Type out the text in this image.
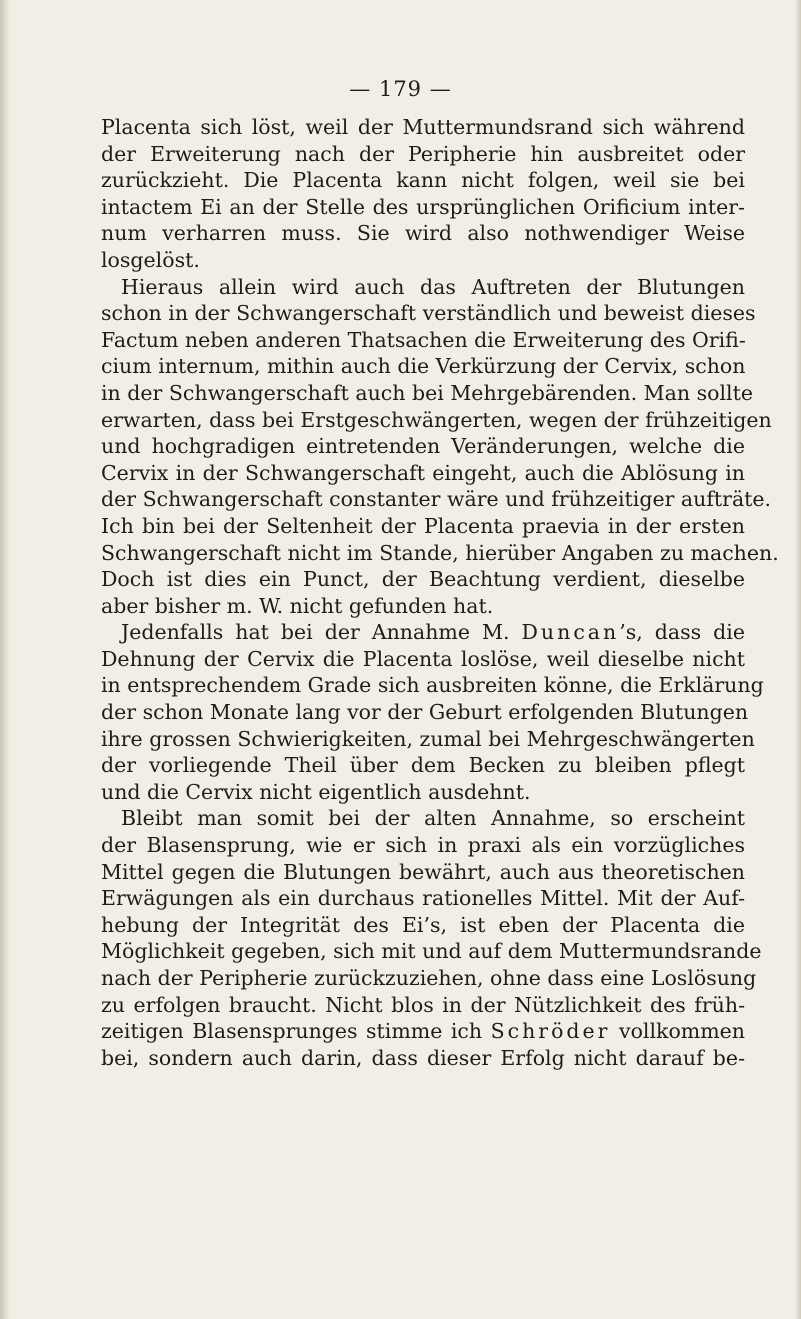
— 179 —
Placenta sich löst, weil der Muttermundsrand sich während
der Erweiterung nach der Peripherie hin ausbreitet oder
zurückzieht. Die Placenta kann nicht folgen, weil sie bei
intactem Ei an der Stelle des ursprünglichen Orificium inter-
num verharren muss. Sie wird also nothwendiger Weise
losgelöst.
Hieraus allein wird auch das Auftreten der Blutungen
schon in der Schwangerschaft verständlich und beweist dieses
Factum neben anderen Thatsachen die Erweiterung des Orifi-
cium internum, mithin auch die Verkürzung der Cervix, schon
in der Schwangerschaft auch bei Mehrgebärenden. Man sollte
erwarten, dass bei Erstgeschwängerten, wegen der frühzeitigen
und hochgradigen eintretenden Veränderungen, welche die
Cervix in der Schwangerschaft eingeht, auch die Ablösung in
der Schwangerschaft constanter wäre und frühzeitiger aufträte.
Ich bin bei der Seltenheit der Placenta praevia in der ersten
Schwangerschaft nicht im Stande, hierüber Angaben zu machen.
Doch ist dies ein Punct, der Beachtung verdient, dieselbe
aber bisher m. W. nicht gefunden hat.
Jedenfalls hat bei der Annahme M. Duncan’s, dass die
Dehnung der Cervix die Placenta loslöse, weil dieselbe nicht
in entsprechendem Grade sich ausbreiten könne, die Erklärung
der schon Monate lang vor der Geburt erfolgenden Blutungen
ihre grossen Schwierigkeiten, zumal bei Mehrgeschwängerten
der vorliegende Theil über dem Becken zu bleiben pflegt
und die Cervix nicht eigentlich ausdehnt.
Bleibt man somit bei der alten Annahme, so erscheint
der Blasensprung, wie er sich in praxi als ein vorzügliches
Mittel gegen die Blutungen bewährt, auch aus theoretischen
Erwägungen als ein durchaus rationelles Mittel. Mit der Auf-
hebung der Integrität des Ei’s, ist eben der Placenta die
Möglichkeit gegeben, sich mit und auf dem Muttermundsrande
nach der Peripherie zurückzuziehen, ohne dass eine Loslösung
zu erfolgen braucht. Nicht blos in der Nützlichkeit des früh-
zeitigen Blasensprunges stimme ich Schröder vollkommen
bei, sondern auch darin, dass dieser Erfolg nicht darauf be-
